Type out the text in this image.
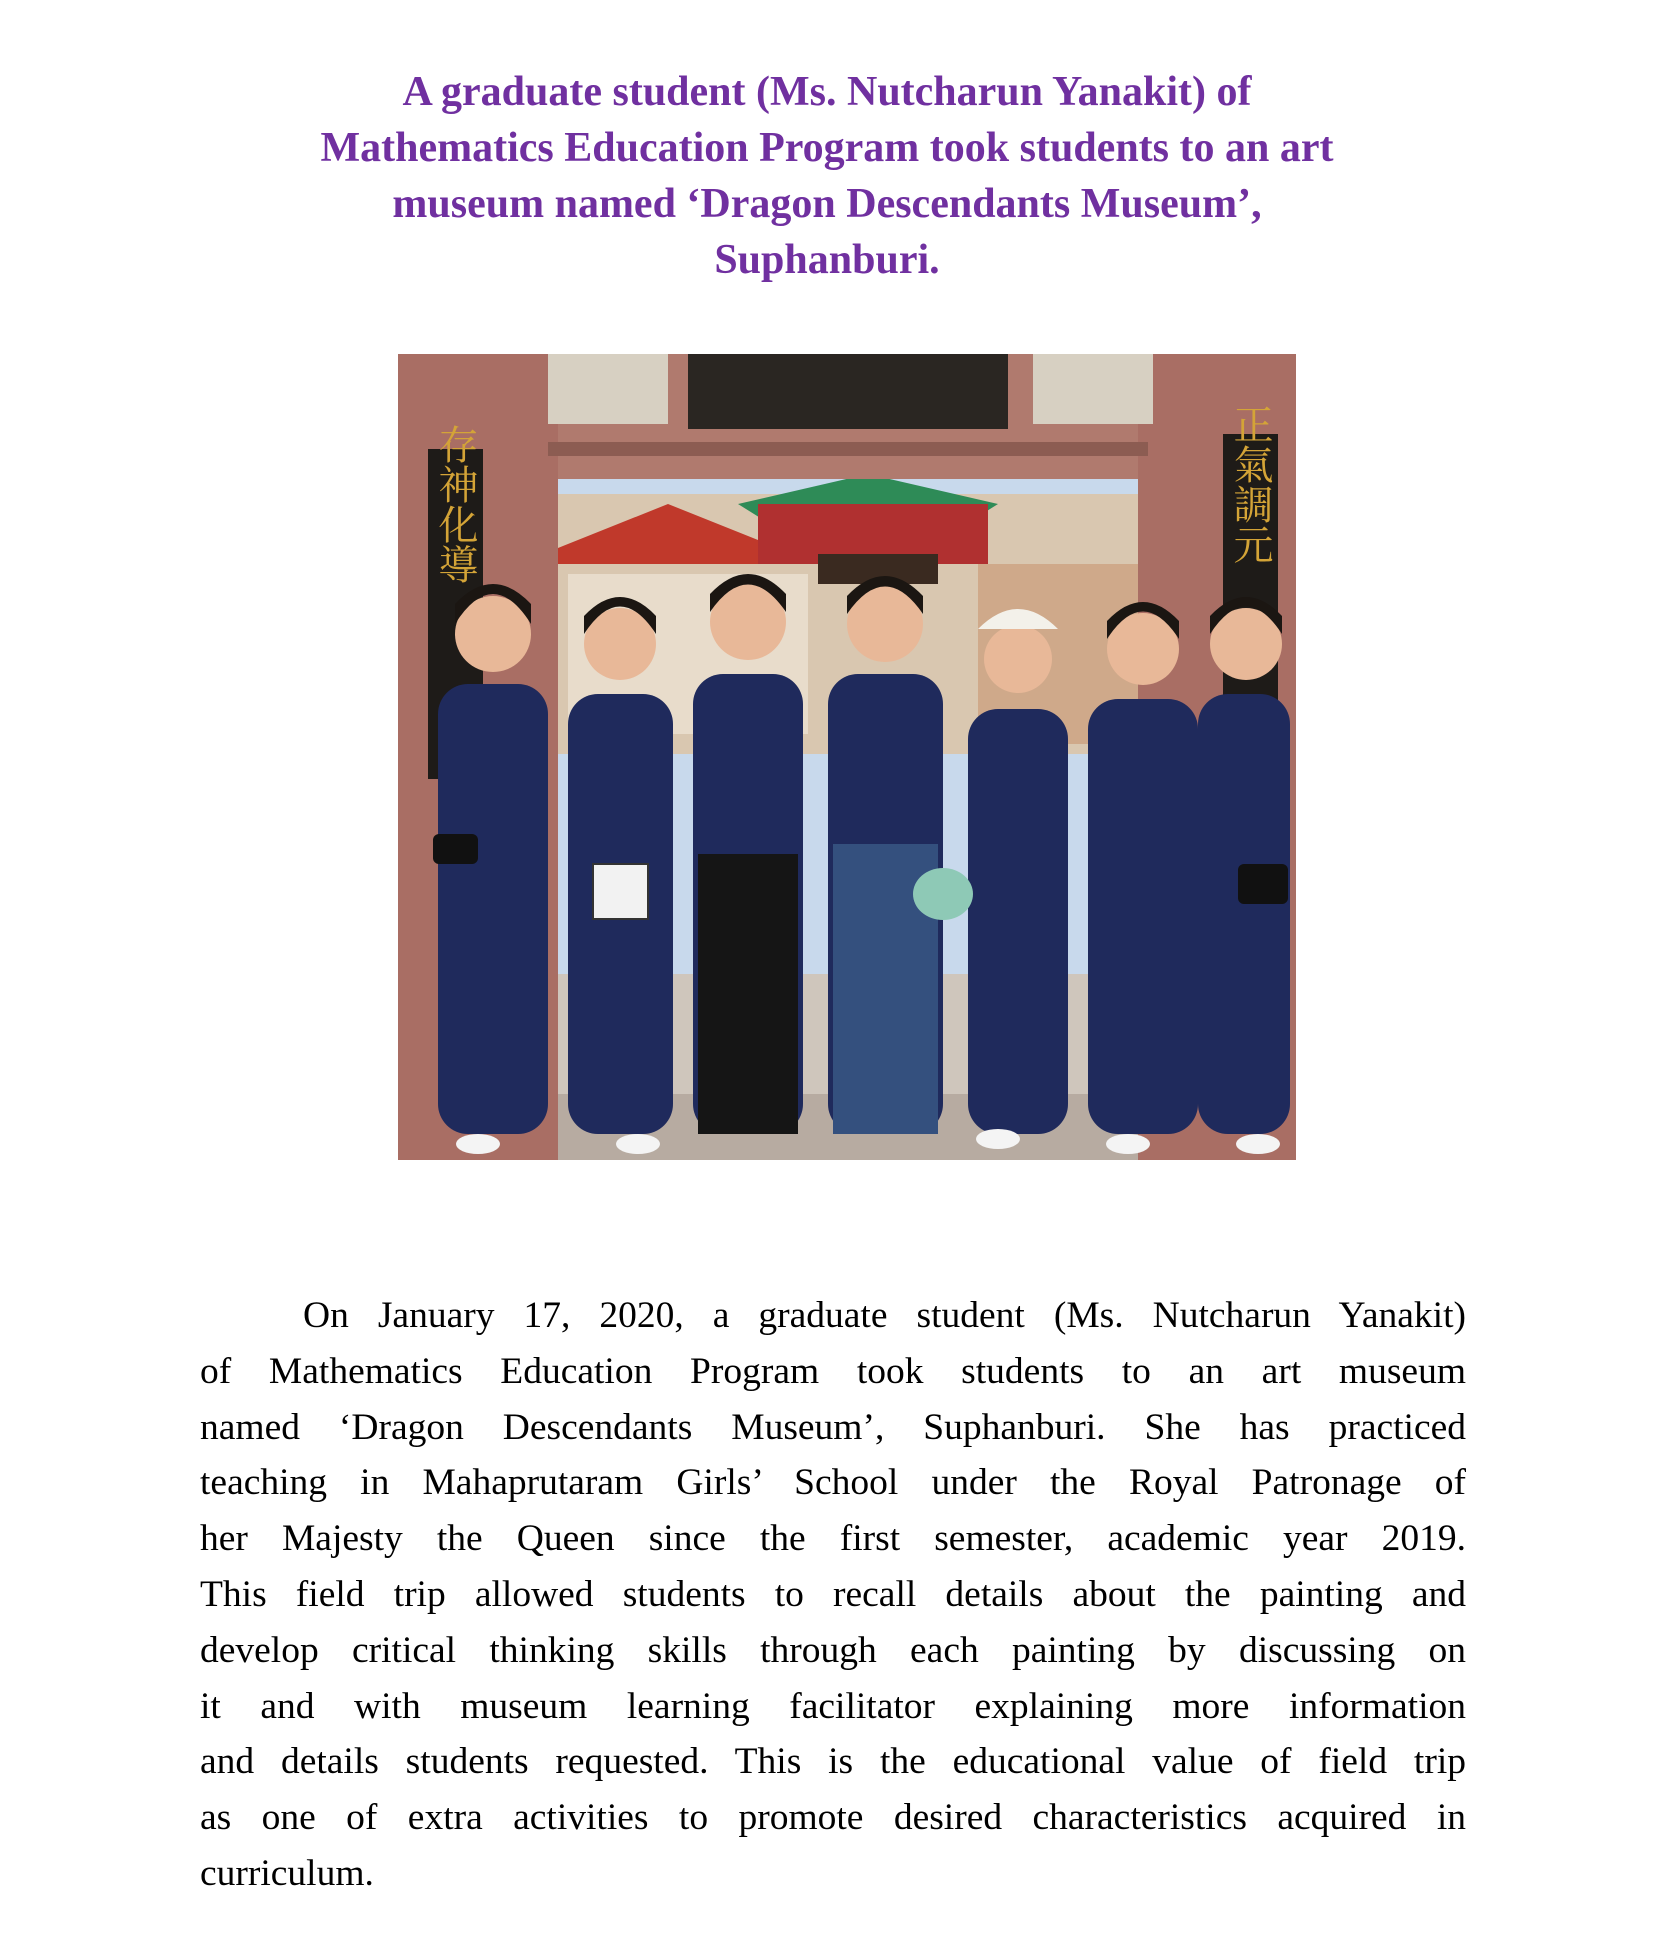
A graduate student (Ms. Nutcharun Yanakit) of
Mathematics Education Program took students to an art
museum named ‘Dragon Descendants Museum’,
Suphanburi.
存神化導	正氣調元
On January 17, 2020, a graduate student (Ms. Nutcharun Yanakit)
of Mathematics Education Program took students to an art museum
named ‘Dragon Descendants Museum’, Suphanburi. She has practiced
teaching in Mahaprutaram Girls’ School under the Royal Patronage of
her Majesty the Queen since the first semester, academic year 2019.
This field trip allowed students to recall details about the painting and
develop critical thinking skills through each painting by discussing on
it and with museum learning facilitator explaining more information
and details students requested. This is the educational value of field trip
as one of extra activities to promote desired characteristics acquired in
curriculum.
